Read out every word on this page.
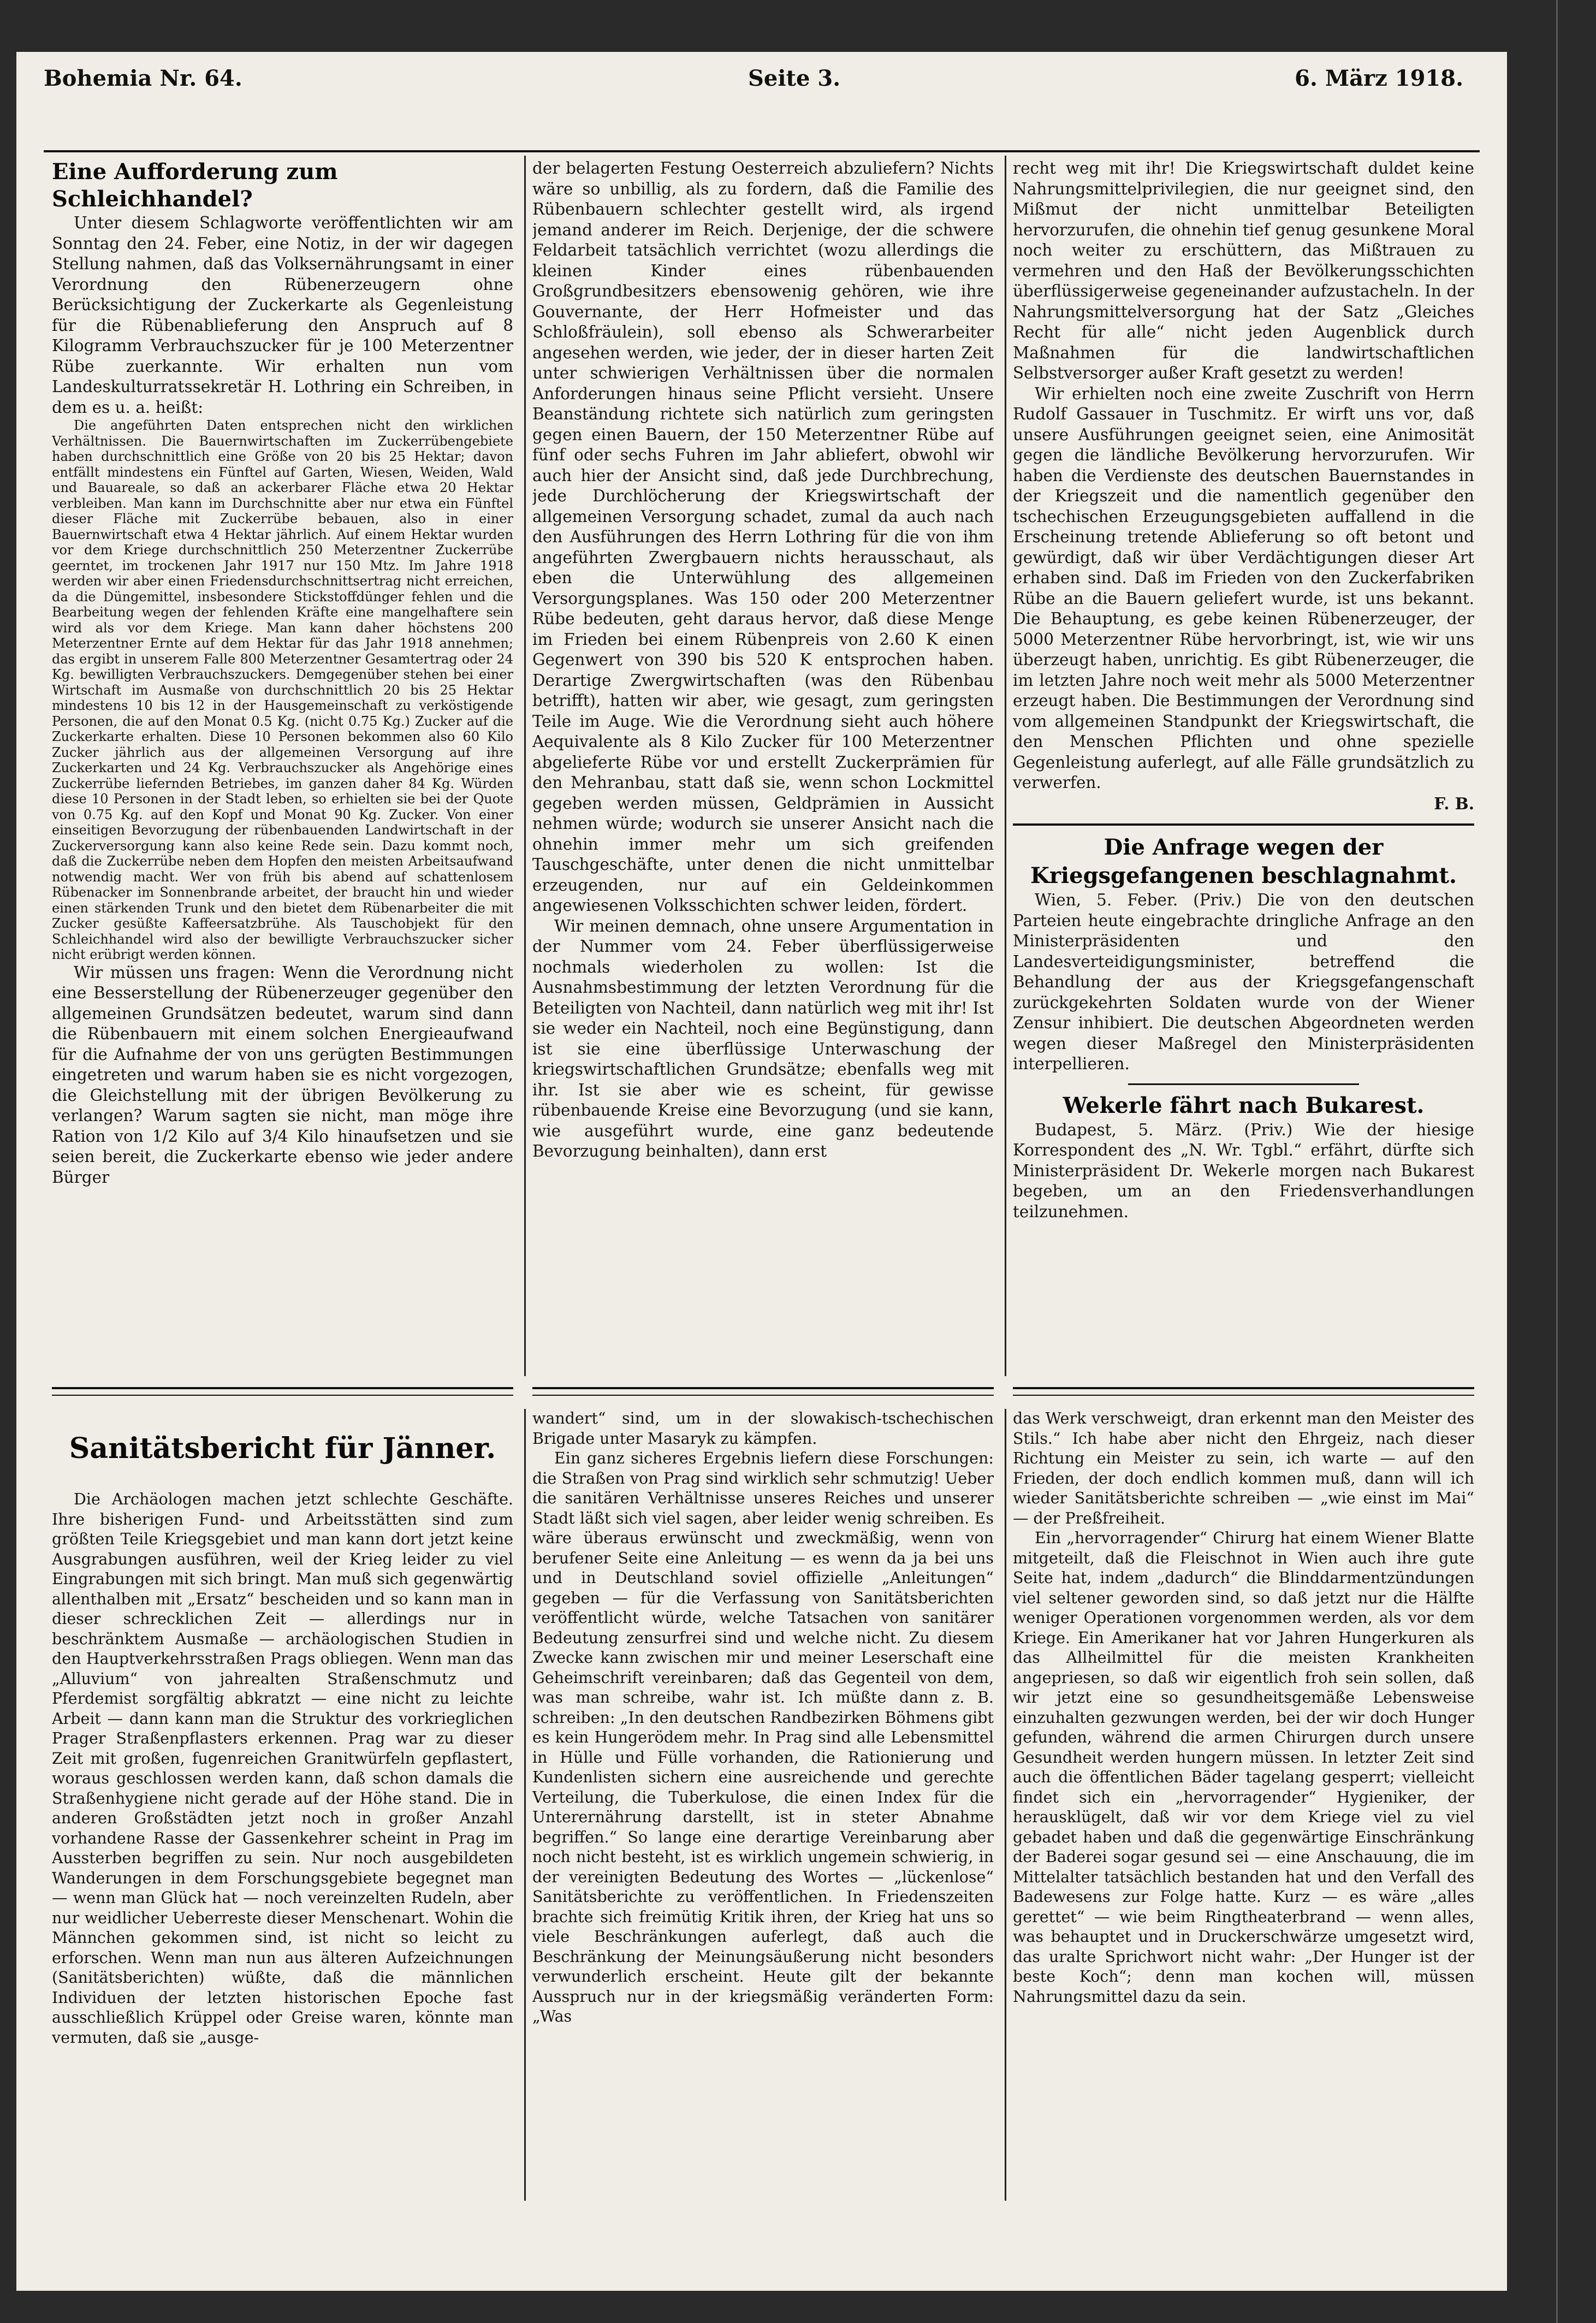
Bohemia Nr. 64.	Seite 3.	6. März 1918.
Eine Aufforderung zum Schleichhandel?

Unter diesem Schlagworte veröffentlichten wir am Sonntag den 24. Feber, eine Notiz, in der wir dagegen Stellung nahmen, daß das Volksernährungsamt in einer Verordnung den Rübenerzeugern ohne Berücksichtigung der Zuckerkarte als Gegenleistung für die Rübenablieferung den Anspruch auf 8 Kilogramm Verbrauchszucker für je 100 Meterzentner Rübe zuerkannte. Wir erhalten nun vom Landeskulturratssekretär H. Lothring ein Schreiben, in dem es u. a. heißt:

Die angeführten Daten entsprechen nicht den wirklichen Verhältnissen. Die Bauernwirtschaften im Zuckerrübengebiete haben durchschnittlich eine Größe von 20 bis 25 Hektar; davon entfällt mindestens ein Fünftel auf Garten, Wiesen, Weiden, Wald und Bauareale, so daß an ackerbarer Fläche etwa 20 Hektar verbleiben. Man kann im Durchschnitte aber nur etwa ein Fünftel dieser Fläche mit Zuckerrübe bebauen, also in einer Bauernwirtschaft etwa 4 Hektar jährlich. Auf einem Hektar wurden vor dem Kriege durchschnittlich 250 Meterzentner Zuckerrübe geerntet, im trockenen Jahr 1917 nur 150 Mtz. Im Jahre 1918 werden wir aber einen Friedensdurchschnittsertrag nicht erreichen, da die Düngemittel, insbesondere Stickstoffdünger fehlen und die Bearbeitung wegen der fehlenden Kräfte eine mangelhaftere sein wird als vor dem Kriege. Man kann daher höchstens 200 Meterzentner Ernte auf dem Hektar für das Jahr 1918 annehmen; das ergibt in unserem Falle 800 Meterzentner Gesamtertrag oder 24 Kg. bewilligten Verbrauchszuckers. Demgegenüber stehen bei einer Wirtschaft im Ausmaße von durchschnittlich 20 bis 25 Hektar mindestens 10 bis 12 in der Hausgemeinschaft zu verköstigende Personen, die auf den Monat 0.5 Kg. (nicht 0.75 Kg.) Zucker auf die Zuckerkarte erhalten. Diese 10 Personen bekommen also 60 Kilo Zucker jährlich aus der allgemeinen Versorgung auf ihre Zuckerkarten und 24 Kg. Verbrauchszucker als Angehörige eines Zuckerrübe liefernden Betriebes, im ganzen daher 84 Kg. Würden diese 10 Personen in der Stadt leben, so erhielten sie bei der Quote von 0.75 Kg. auf den Kopf und Monat 90 Kg. Zucker. Von einer einseitigen Bevorzugung der rübenbauenden Landwirtschaft in der Zuckerversorgung kann also keine Rede sein. Dazu kommt noch, daß die Zuckerrübe neben dem Hopfen den meisten Arbeitsaufwand notwendig macht. Wer von früh bis abend auf schattenlosem Rübenacker im Sonnenbrande arbeitet, der braucht hin und wieder einen stärkenden Trunk und den bietet dem Rübenarbeiter die mit Zucker gesüßte Kaffeersatzbrühe. Als Tauschobjekt für den Schleichhandel wird also der bewilligte Verbrauchszucker sicher nicht erübrigt werden können.

Wir müssen uns fragen: Wenn die Verordnung nicht eine Besserstellung der Rübenerzeuger gegenüber den allgemeinen Grundsätzen bedeutet, warum sind dann die Rübenbauern mit einem solchen Energieaufwand für die Aufnahme der von uns gerügten Bestimmungen eingetreten und warum haben sie es nicht vorgezogen, die Gleichstellung mit der übrigen Bevölkerung zu verlangen? Warum sagten sie nicht, man möge ihre Ration von 1/2 Kilo auf 3/4 Kilo hinaufsetzen und sie seien bereit, die Zuckerkarte ebenso wie jeder andere Bürger

der belagerten Festung Oesterreich abzuliefern? Nichts wäre so unbillig, als zu fordern, daß die Familie des Rübenbauern schlechter gestellt wird, als irgend jemand anderer im Reich. Derjenige, der die schwere Feldarbeit tatsächlich verrichtet (wozu allerdings die kleinen Kinder eines rübenbauenden Großgrundbesitzers ebensowenig gehören, wie ihre Gouvernante, der Herr Hofmeister und das Schloßfräulein), soll ebenso als Schwerarbeiter angesehen werden, wie jeder, der in dieser harten Zeit unter schwierigen Verhältnissen über die normalen Anforderungen hinaus seine Pflicht versieht. Unsere Beanständung richtete sich natürlich zum geringsten gegen einen Bauern, der 150 Meterzentner Rübe auf fünf oder sechs Fuhren im Jahr abliefert, obwohl wir auch hier der Ansicht sind, daß jede Durchbrechung, jede Durchlöcherung der Kriegswirtschaft der allgemeinen Versorgung schadet, zumal da auch nach den Ausführungen des Herrn Lothring für die von ihm angeführten Zwergbauern nichts herausschaut, als eben die Unterwühlung des allgemeinen Versorgungsplanes. Was 150 oder 200 Meterzentner Rübe bedeuten, geht daraus hervor, daß diese Menge im Frieden bei einem Rübenpreis von 2.60 K einen Gegenwert von 390 bis 520 K entsprochen haben. Derartige Zwergwirtschaften (was den Rübenbau betrifft), hatten wir aber, wie gesagt, zum geringsten Teile im Auge. Wie die Verordnung sieht auch höhere Aequivalente als 8 Kilo Zucker für 100 Meterzentner abgelieferte Rübe vor und erstellt Zuckerprämien für den Mehranbau, statt daß sie, wenn schon Lockmittel gegeben werden müssen, Geldprämien in Aussicht nehmen würde; wodurch sie unserer Ansicht nach die ohnehin immer mehr um sich greifenden Tauschgeschäfte, unter denen die nicht unmittelbar erzeugenden, nur auf ein Geldeinkommen angewiesenen Volksschichten schwer leiden, fördert.

Wir meinen demnach, ohne unsere Argumentation in der Nummer vom 24. Feber überflüssigerweise nochmals wiederholen zu wollen: Ist die Ausnahmsbestimmung der letzten Verordnung für die Beteiligten von Nachteil, dann natürlich weg mit ihr! Ist sie weder ein Nachteil, noch eine Begünstigung, dann ist sie eine überflüssige Unterwaschung der kriegswirtschaftlichen Grundsätze; ebenfalls weg mit ihr. Ist sie aber wie es scheint, für gewisse rübenbauende Kreise eine Bevorzugung (und sie kann, wie ausgeführt wurde, eine ganz bedeutende Bevorzugung beinhalten), dann erst

recht weg mit ihr! Die Kriegswirtschaft duldet keine Nahrungsmittelprivilegien, die nur geeignet sind, den Mißmut der nicht unmittelbar Beteiligten hervorzurufen, die ohnehin tief genug gesunkene Moral noch weiter zu erschüttern, das Mißtrauen zu vermehren und den Haß der Bevölkerungsschichten überflüssigerweise gegeneinander aufzustacheln. In der Nahrungsmittelversorgung hat der Satz „Gleiches Recht für alle“ nicht jeden Augenblick durch Maßnahmen für die landwirtschaftlichen Selbstversorger außer Kraft gesetzt zu werden!

Wir erhielten noch eine zweite Zuschrift von Herrn Rudolf Gassauer in Tuschmitz. Er wirft uns vor, daß unsere Ausführungen geeignet seien, eine Animosität gegen die ländliche Bevölkerung hervorzurufen. Wir haben die Verdienste des deutschen Bauernstandes in der Kriegszeit und die namentlich gegenüber den tschechischen Erzeugungsgebieten auffallend in die Erscheinung tretende Ablieferung so oft betont und gewürdigt, daß wir über Verdächtigungen dieser Art erhaben sind. Daß im Frieden von den Zuckerfabriken Rübe an die Bauern geliefert wurde, ist uns bekannt. Die Behauptung, es gebe keinen Rübenerzeuger, der 5000 Meterzentner Rübe hervorbringt, ist, wie wir uns überzeugt haben, unrichtig. Es gibt Rübenerzeuger, die im letzten Jahre noch weit mehr als 5000 Meterzentner erzeugt haben. Die Bestimmungen der Verordnung sind vom allgemeinen Standpunkt der Kriegswirtschaft, die den Menschen Pflichten und ohne spezielle Gegenleistung auferlegt, auf alle Fälle grundsätzlich zu verwerfen.

F. B.
Die Anfrage wegen der Kriegsgefangenen beschlagnahmt.

Wien, 5. Feber. (Priv.) Die von den deutschen Parteien heute eingebrachte dringliche Anfrage an den Ministerpräsidenten und den Landesverteidigungsminister, betreffend die Behandlung der aus der Kriegsgefangenschaft zurückgekehrten Soldaten wurde von der Wiener Zensur inhibiert. Die deutschen Abgeordneten werden wegen dieser Maßregel den Ministerpräsidenten interpellieren.

Wekerle fährt nach Bukarest.

Budapest, 5. März. (Priv.) Wie der hiesige Korrespondent des „N. Wr. Tgbl.“ erfährt, dürfte sich Ministerpräsident Dr. Wekerle morgen nach Bukarest begeben, um an den Friedensverhandlungen teilzunehmen.

Sanitätsbericht für Jänner.

Die Archäologen machen jetzt schlechte Geschäfte. Ihre bisherigen Fund- und Arbeitsstätten sind zum größten Teile Kriegsgebiet und man kann dort jetzt keine Ausgrabungen ausführen, weil der Krieg leider zu viel Eingrabungen mit sich bringt. Man muß sich gegenwärtig allenthalben mit „Ersatz“ bescheiden und so kann man in dieser schrecklichen Zeit — allerdings nur in beschränktem Ausmaße — archäologischen Studien in den Hauptverkehrsstraßen Prags obliegen. Wenn man das „Alluvium“ von jahrealten Straßenschmutz und Pferdemist sorgfältig abkratzt — eine nicht zu leichte Arbeit — dann kann man die Struktur des vorkrieglichen Prager Straßenpflasters erkennen. Prag war zu dieser Zeit mit großen, fugenreichen Granitwürfeln gepflastert, woraus geschlossen werden kann, daß schon damals die Straßenhygiene nicht gerade auf der Höhe stand. Die in anderen Großstädten jetzt noch in großer Anzahl vorhandene Rasse der Gassenkehrer scheint in Prag im Aussterben begriffen zu sein. Nur noch ausgebildeten Wanderungen in dem Forschungsgebiete begegnet man — wenn man Glück hat — noch vereinzelten Rudeln, aber nur weidlicher Ueberreste dieser Menschenart. Wohin die Männchen gekommen sind, ist nicht so leicht zu erforschen. Wenn man nun aus älteren Aufzeichnungen (Sanitätsberichten) wüßte, daß die männlichen Individuen der letzten historischen Epoche fast ausschließlich Krüppel oder Greise waren, könnte man vermuten, daß sie „ausge-

wandert“ sind, um in der slowakisch-tschechischen Brigade unter Masaryk zu kämpfen.

Ein ganz sicheres Ergebnis liefern diese Forschungen: die Straßen von Prag sind wirklich sehr schmutzig! Ueber die sanitären Verhältnisse unseres Reiches und unserer Stadt läßt sich viel sagen, aber leider wenig schreiben. Es wäre überaus erwünscht und zweckmäßig, wenn von berufener Seite eine Anleitung — es wenn da ja bei uns und in Deutschland soviel offizielle „Anleitungen“ gegeben — für die Verfassung von Sanitätsberichten veröffentlicht würde, welche Tatsachen von sanitärer Bedeutung zensurfrei sind und welche nicht. Zu diesem Zwecke kann zwischen mir und meiner Leserschaft eine Geheimschrift vereinbaren; daß das Gegenteil von dem, was man schreibe, wahr ist. Ich müßte dann z. B. schreiben: „In den deutschen Randbezirken Böhmens gibt es kein Hungerödem mehr. In Prag sind alle Lebensmittel in Hülle und Fülle vorhanden, die Rationierung und Kundenlisten sichern eine ausreichende und gerechte Verteilung, die Tuberkulose, die einen Index für die Unterernährung darstellt, ist in steter Abnahme begriffen.“ So lange eine derartige Vereinbarung aber noch nicht besteht, ist es wirklich ungemein schwierig, in der vereinigten Bedeutung des Wortes — „lückenlose“ Sanitätsberichte zu veröffentlichen. In Friedenszeiten brachte sich freimütig Kritik ihren, der Krieg hat uns so viele Beschränkungen auferlegt, daß auch die Beschränkung der Meinungsäußerung nicht besonders verwunderlich erscheint. Heute gilt der bekannte Ausspruch nur in der kriegsmäßig veränderten Form: „Was

das Werk verschweigt, dran erkennt man den Meister des Stils.“ Ich habe aber nicht den Ehrgeiz, nach dieser Richtung ein Meister zu sein, ich warte — auf den Frieden, der doch endlich kommen muß, dann will ich wieder Sanitätsberichte schreiben — „wie einst im Mai“ — der Preßfreiheit.

Ein „hervorragender“ Chirurg hat einem Wiener Blatte mitgeteilt, daß die Fleischnot in Wien auch ihre gute Seite hat, indem „dadurch“ die Blinddarmentzündungen viel seltener geworden sind, so daß jetzt nur die Hälfte weniger Operationen vorgenommen werden, als vor dem Kriege. Ein Amerikaner hat vor Jahren Hungerkuren als das Allheilmittel für die meisten Krankheiten angepriesen, so daß wir eigentlich froh sein sollen, daß wir jetzt eine so gesundheitsgemäße Lebensweise einzuhalten gezwungen werden, bei der wir doch Hunger gefunden, während die armen Chirurgen durch unsere Gesundheit werden hungern müssen. In letzter Zeit sind auch die öffentlichen Bäder tagelang gesperrt; vielleicht findet sich ein „hervorragender“ Hygieniker, der herausklügelt, daß wir vor dem Kriege viel zu viel gebadet haben und daß die gegenwärtige Einschränkung der Baderei sogar gesund sei — eine Anschauung, die im Mittelalter tatsächlich bestanden hat und den Verfall des Badewesens zur Folge hatte. Kurz — es wäre „alles gerettet“ — wie beim Ringtheaterbrand — wenn alles, was behauptet und in Druckerschwärze umgesetzt wird, das uralte Sprichwort nicht wahr: „Der Hunger ist der beste Koch“; denn man kochen will, müssen Nahrungsmittel dazu da sein.
